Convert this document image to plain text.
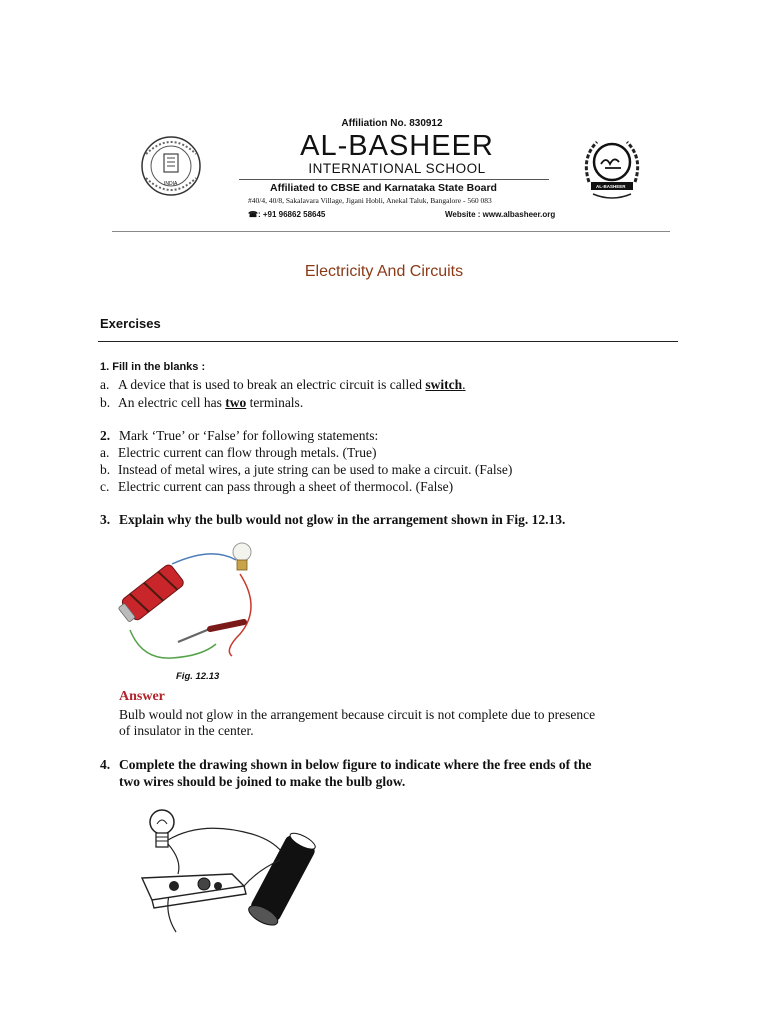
INDIA
Affiliation No. 830912
AL-BASHEER
INTERNATIONAL SCHOOL
Affiliated to CBSE and Karnataka State Board
#40/4, 40/8, Sakalavara Village, Jigani Hobli, Anekal Taluk, Bangalore - 560 083
☎: +91 96862 58645	Website : www.albasheer.org
AL-BASHEER
Electricity And Circuits
Exercises
1. Fill in the blanks :
a. A device that is used to break an electric circuit is called switch.
b. An electric cell has two terminals.
2. Mark ‘True’ or ‘False’ for following statements:
a. Electric current can flow through metals. (True)
b. Instead of metal wires, a jute string can be used to make a circuit. (False)
c. Electric current can pass through a sheet of thermocol. (False)
3. Explain why the bulb would not glow in the arrangement shown in Fig. 12.13.
Fig. 12.13
Answer
Bulb would not glow in the arrangement because circuit is not complete due to presence
of insulator in the center.
4. Complete the drawing shown in below figure to indicate where the free ends of the
two wires should be joined to make the bulb glow.
